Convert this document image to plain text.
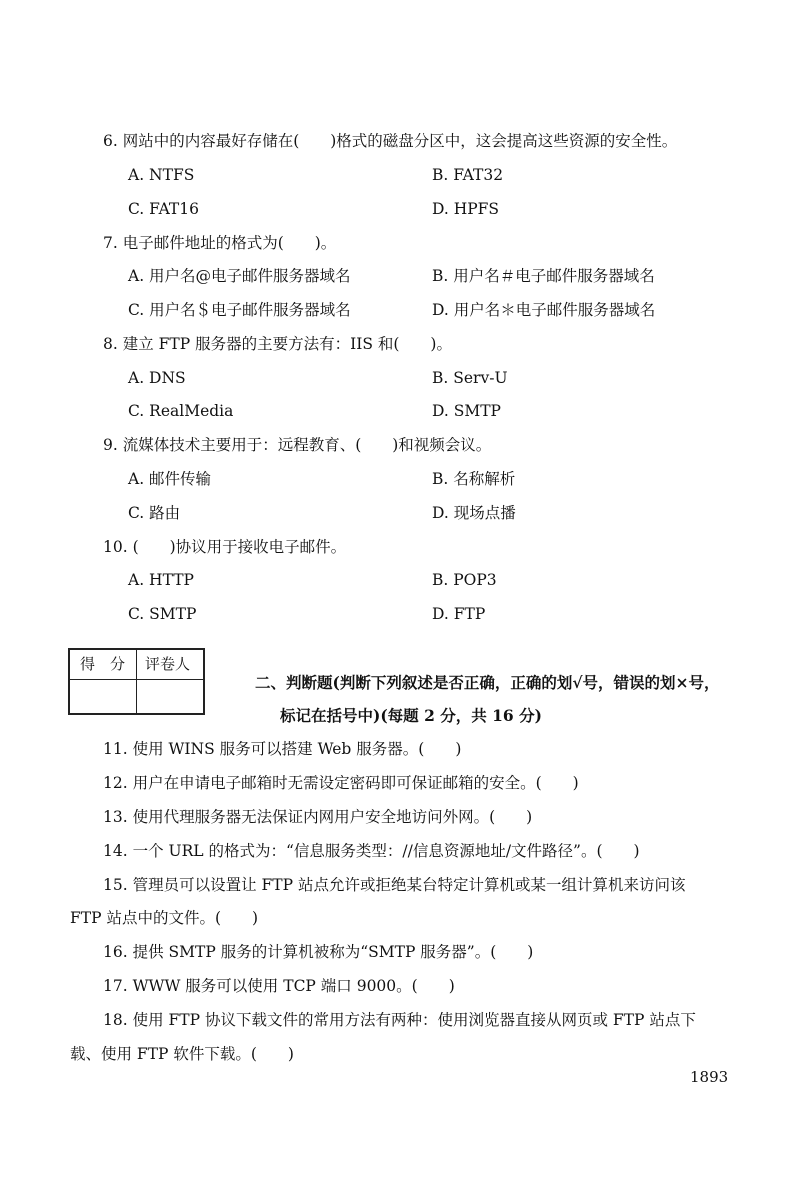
6. 网站中的内容最好存储在(　　)格式的磁盘分区中，这会提高这些资源的安全性。
A. NTFS	B. FAT32
C. FAT16	D. HPFS
7. 电子邮件地址的格式为(　　)。
A. 用户名@电子邮件服务器域名	B. 用户名＃电子邮件服务器域名
C. 用户名＄电子邮件服务器域名	D. 用户名＊电子邮件服务器域名
8. 建立 FTP 服务器的主要方法有：IIS 和(　　)。
A. DNS	B. Serv-U
C. RealMedia	D. SMTP
9. 流媒体技术主要用于：远程教育、(　　)和视频会议。
A. 邮件传输	B. 名称解析
C. 路由	D. 现场点播
10. (　　)协议用于接收电子邮件。
A. HTTP	B. POP3
C. SMTP	D. FTP
得　分 评卷人
二、判断题(判断下列叙述是否正确，正确的划√号，错误的划×号，
标记在括号中)(每题 2 分，共 16 分)
11. 使用 WINS 服务可以搭建 Web 服务器。(　　)
12. 用户在申请电子邮箱时无需设定密码即可保证邮箱的安全。(　　)
13. 使用代理服务器无法保证内网用户安全地访问外网。(　　)
14. 一个 URL 的格式为：“信息服务类型：//信息资源地址/文件路径”。(　　)
15. 管理员可以设置让 FTP 站点允许或拒绝某台特定计算机或某一组计算机来访问该
FTP 站点中的文件。(　　)
16. 提供 SMTP 服务的计算机被称为“SMTP 服务器”。(　　)
17. WWW 服务可以使用 TCP 端口 9000。(　　)
18. 使用 FTP 协议下载文件的常用方法有两种：使用浏览器直接从网页或 FTP 站点下
载、使用 FTP 软件下载。(　　)
1893
